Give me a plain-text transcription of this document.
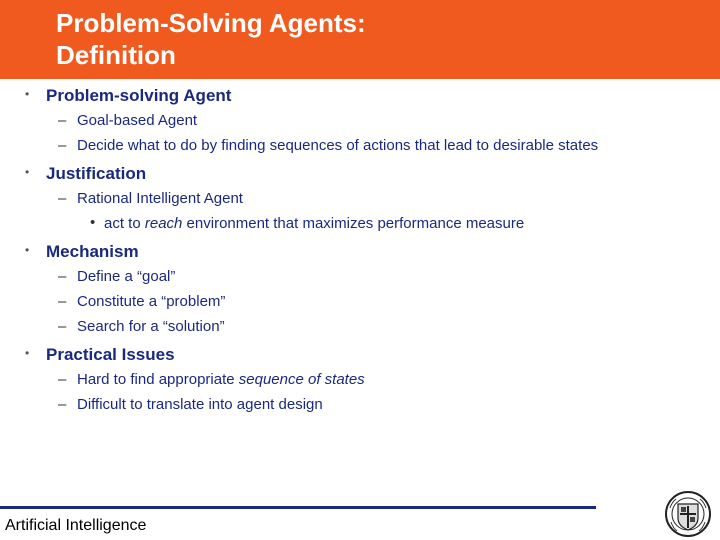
Problem-Solving Agents:
Definition
• Problem-solving Agent
– Goal-based Agent
– Decide what to do by finding sequences of actions that lead to desirable states
• Justification
– Rational Intelligent Agent
• act to reach environment that maximizes performance measure
• Mechanism
– Define a “goal”
– Constitute a “problem”
– Search for a “solution”
• Practical Issues
– Hard to find appropriate sequence of states
– Difficult to translate into agent design
Artificial Intelligence
